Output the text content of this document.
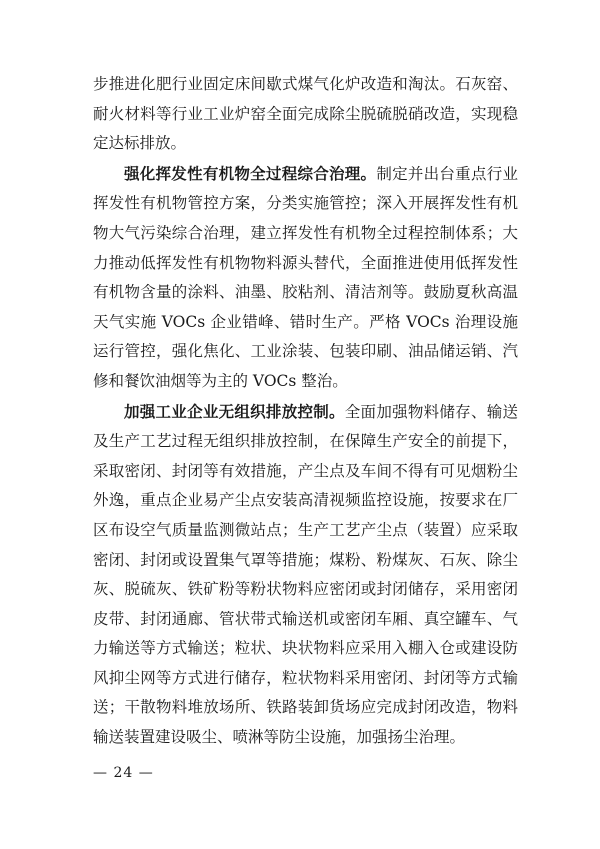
步推进化肥行业固定床间歇式煤气化炉改造和淘汰。石灰窑、耐火材料等行业工业炉窑全面完成除尘脱硫脱硝改造，实现稳定达标排放。

强化挥发性有机物全过程综合治理。制定并出台重点行业挥发性有机物管控方案，分类实施管控；深入开展挥发性有机物大气污染综合治理，建立挥发性有机物全过程控制体系；大力推动低挥发性有机物物料源头替代，全面推进使用低挥发性有机物含量的涂料、油墨、胶粘剂、清洁剂等。鼓励夏秋高温天气实施 VOCs 企业错峰、错时生产。严格 VOCs 治理设施运行管控，强化焦化、工业涂装、包装印刷、油品储运销、汽修和餐饮油烟等为主的 VOCs 整治。

加强工业企业无组织排放控制。全面加强物料储存、输送及生产工艺过程无组织排放控制，在保障生产安全的前提下，采取密闭、封闭等有效措施，产尘点及车间不得有可见烟粉尘外逸，重点企业易产尘点安装高清视频监控设施，按要求在厂区布设空气质量监测微站点；生产工艺产尘点（装置）应采取密闭、封闭或设置集气罩等措施；煤粉、粉煤灰、石灰、除尘灰、脱硫灰、铁矿粉等粉状物料应密闭或封闭储存，采用密闭皮带、封闭通廊、管状带式输送机或密闭车厢、真空罐车、气力输送等方式输送；粒状、块状物料应采用入棚入仓或建设防风抑尘网等方式进行储存，粒状物料采用密闭、封闭等方式输送；干散物料堆放场所、铁路装卸货场应完成封闭改造，物料输送装置建设吸尘、喷淋等防尘设施，加强扬尘治理。

— 24 —
